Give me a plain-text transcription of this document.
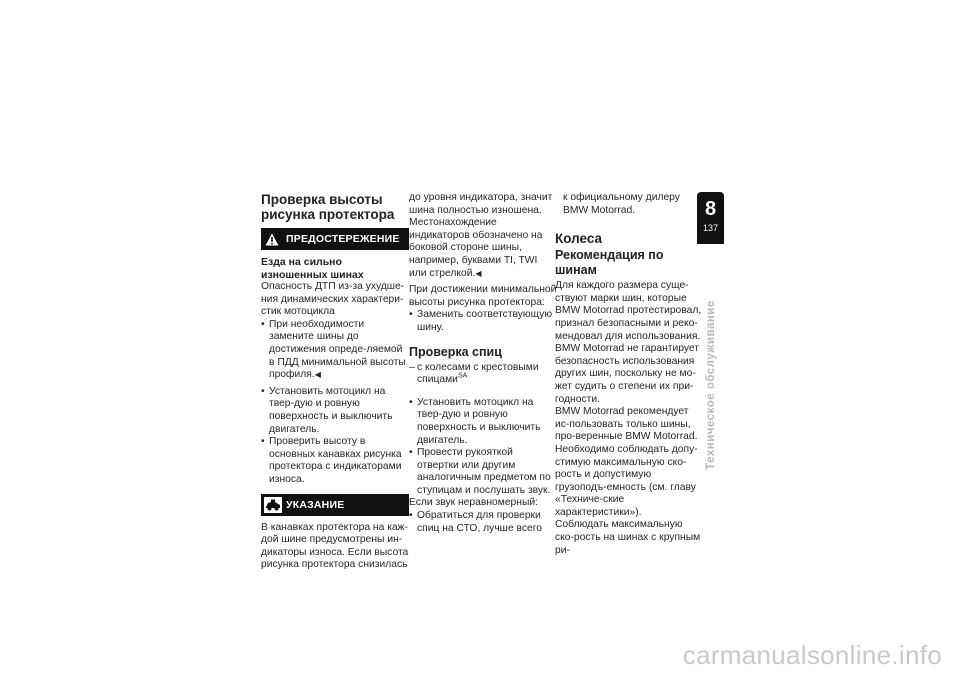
Проверка высоты рисунка протектора
ПРЕДОСТЕРЕЖЕНИЕ
Езда на сильно изношенных шинах
Опасность ДТП из-за ухудше-ния динамических характери-стик мотоцикла
• При необходимости замените шины до достижения опреде-ляемой в ПДД минимальной высоты профиля.◀
• Установить мотоцикл на твер-дую и ровную поверхность и выключить двигатель.
• Проверить высоту в основных канавках рисунка протектора с индикаторами износа.
УКАЗАНИЕ
В канавках протектора на каж-дой шине предусмотрены ин-дикаторы износа. Если высота рисунка протектора снизилась
до уровня индикатора, значит шина полностью изношена. Местонахождение индикаторов обозначено на боковой стороне шины, например, буквами TI, TWI или стрелкой.◀
При достижении минимальной высоты рисунка протектора:
• Заменить соответствующую шину.
Проверка спиц
– с колесами с крестовыми спицами$^{SA}$
• Установить мотоцикл на твер-дую и ровную поверхность и выключить двигатель.
• Провести рукояткой отвертки или другим аналогичным предметом по ступицам и послушать звук.
Если звук неравномерный:
• Обратиться для проверки спиц на СТО, лучше всего
к официальному дилеру BMW Motorrad.
Колеса
Рекомендация по шинам
Для каждого размера суще-ствуют марки шин, которые BMW Motorrad протестировал, признал безопасными и реко-мендовал для использования. BMW Motorrad не гарантирует безопасность использования других шин, поскольку не мо-жет судить о степени их при-годности.
BMW Motorrad рекомендует ис-пользовать только шины, про-веренные BMW Motorrad.
Необходимо соблюдать допу-стимую максимальную ско-рость и допустимую грузоподъ-емность (см. главу «Техниче-ские характеристики»).
Соблюдать максимальную ско-рость на шинах с крупным ри-
8
137
Техническое обслуживание
carmanualsonline.info
